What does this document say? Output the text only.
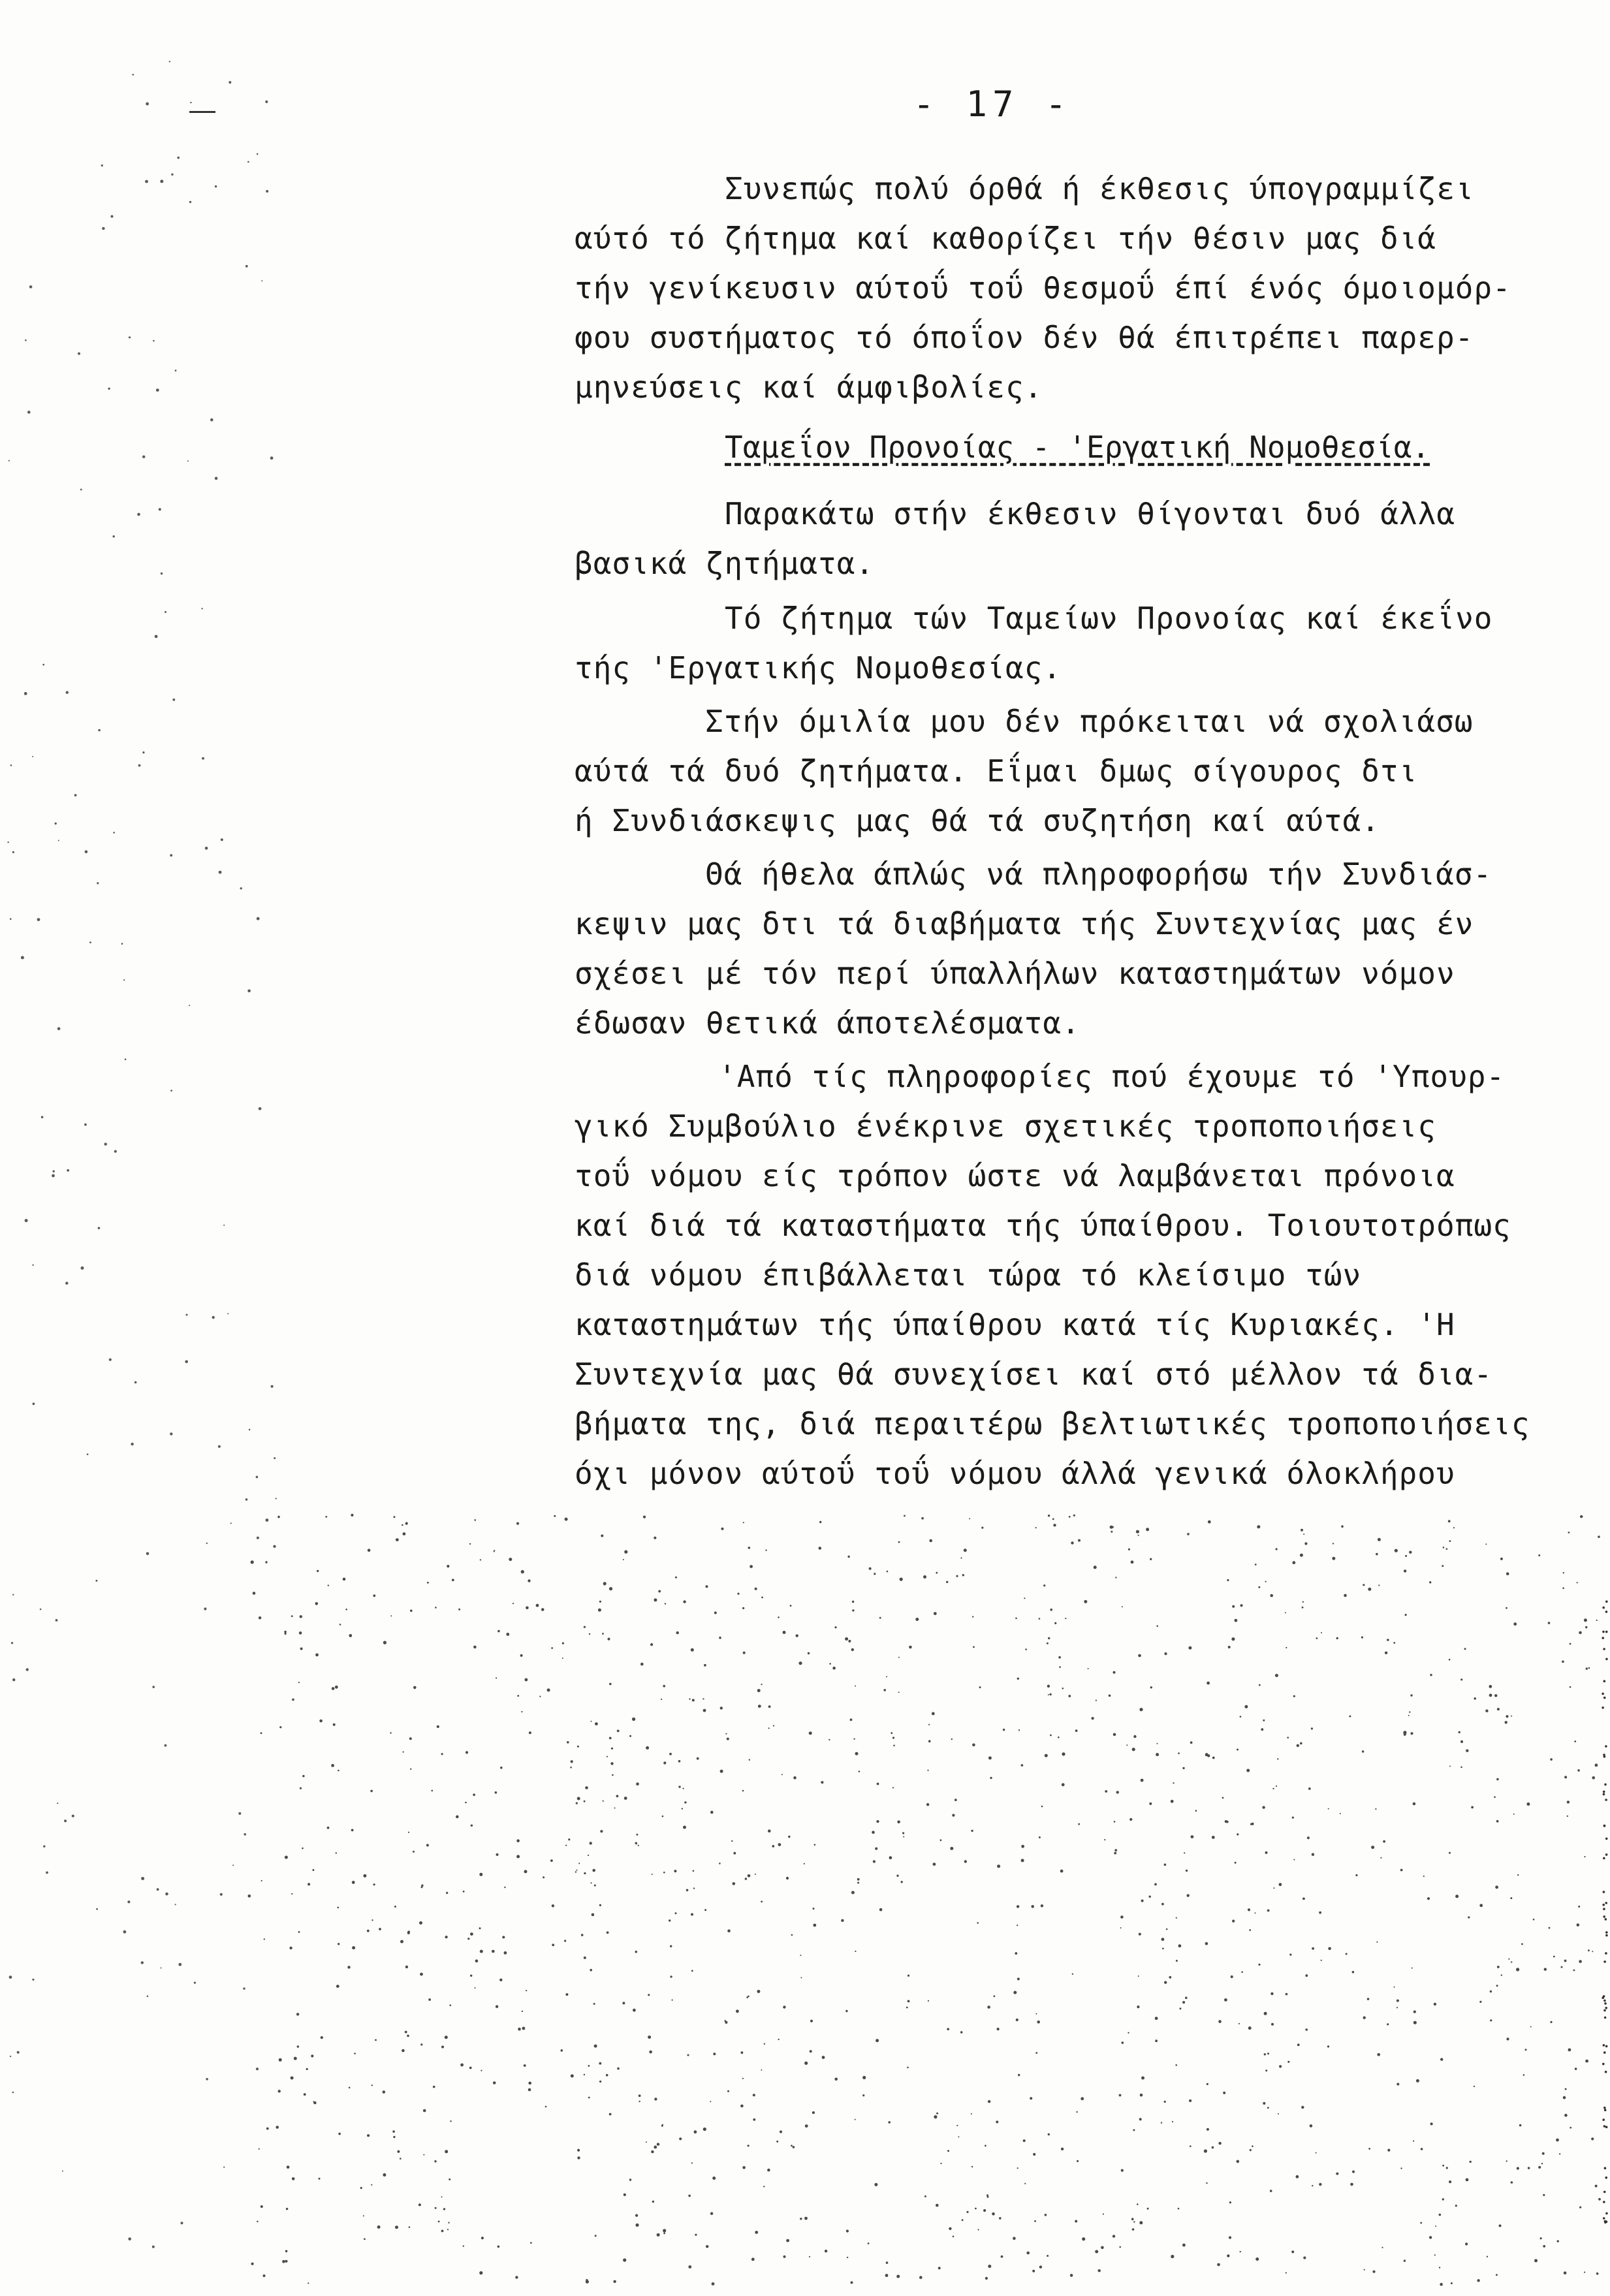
- 17 -
Συνεπώς πολύ όρθά ή έκθεσις ύπογραμμίζει
αύτό τό ζήτημα καί καθορίζει τήν θέσιν μας διά
τήν γενίκευσιν αύτοΰ τοΰ θεσμοΰ έπί ένός όμοιομόρ-
φου συστήματος τό όποΐον δέν θά έπιτρέπει παρερ-
μηνεύσεις καί άμφιβολίες.
Ταμεΐον Προνοίας - 'Εργατική Νομοθεσία.
Παρακάτω στήν έκθεσιν θίγονται δυό άλλα
βασικά ζητήματα.
Τό ζήτημα τών Ταμείων Προνοίας καί έκεΐνο
τής 'Εργατικής Νομοθεσίας.
Στήν όμιλία μου δέν πρόκειται νά σχολιάσω
αύτά τά δυό ζητήματα. Εΐμαι δμως σίγουρος δτι
ή Συνδιάσκεψις μας θά τά συζητήση καί αύτά.
Θά ήθελα άπλώς νά πληροφορήσω τήν Συνδιάσ-
κεψιν μας δτι τά διαβήματα τής Συντεχνίας μας έν
σχέσει μέ τόν περί ύπαλλήλων καταστημάτων νόμον
έδωσαν θετικά άποτελέσματα.
'Από τίς πληροφορίες πού έχουμε τό 'Υπουρ-
γικό Συμβούλιο ένέκρινε σχετικές τροποποιήσεις
τοΰ νόμου είς τρόπον ώστε νά λαμβάνεται πρόνοια
καί διά τά καταστήματα τής ύπαίθρου. Τοιουτοτρόπως
διά νόμου έπιβάλλεται τώρα τό κλείσιμο τών
καταστημάτων τής ύπαίθρου κατά τίς Κυριακές. 'Η
Συντεχνία μας θά συνεχίσει καί στό μέλλον τά δια-
βήματα της, διά περαιτέρω βελτιωτικές τροποποιήσεις
όχι μόνον αύτοΰ τοΰ νόμου άλλά γενικά όλοκλήρου
